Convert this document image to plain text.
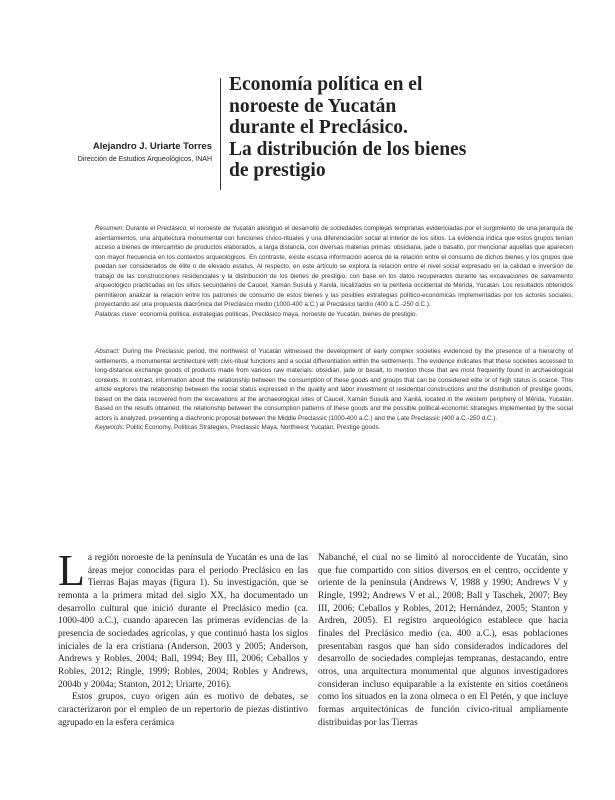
Alejandro J. Uriarte Torres
Dirección de Estudios Arqueológicos, INAH
Economía política en el
noroeste de Yucatán
durante el Preclásico.
La distribución de los bienes
de prestigio

Resumen: Durante el Preclásico, el noroeste de Yucatán atestiguó el desarrollo de sociedades complejas tempranas evidenciadas por el surgimiento de una jerarquía de asentamientos, una arquitectura monumental con funciones cívico-rituales y una diferenciación social al interior de los sitios. La evidencia indica que estos grupos tenían acceso a bienes de intercambio de productos elaborados, a larga distancia, con diversas materias primas: obsidiana, jade o basalto, por mencionar aquellas que aparecen con mayor frecuencia en los contextos arqueológicos. En contraste, existe escasa información acerca de la relación entre el consumo de dichos bienes y los grupos que puedan ser considerados de élite o de elevado estatus. Al respecto, en este artículo se explora la relación entre el nivel social expresado en la calidad e inversión de trabajo de las construcciones residenciales y la distribución de los bienes de prestigio, con base en los datos recuperados durante las excavaciones de salvamento arqueológico practicadas en los sitios secundarios de Caucel, Xamán Susulá y Xanilá, localizados en la periferia occidental de Mérida, Yucatán. Los resultados obtenidos permitieron analizar la relación entre los patrones de consumo de estos bienes y las posibles estrategias político-económicas implementadas por los actores sociales, proyectando así una propuesta diacrónica del Preclásico medio (1000-400 a.C.) al Preclásico tardío (400 a.C.-250 d.C.).

Palabras clave: economía política, estrategias políticas, Preclásico maya, noroeste de Yucatán, bienes de prestigio.

Abstract: During the Preclassic period, the northwest of Yucatán witnessed the development of early complex societies evidenced by the presence of a hierarchy of settlements, a monumental architecture with civic-ritual functions and a social differentiation within the settlements. The evidence indicates that these societies accessed to long-distance exchange goods of products made from various raw materials: obsidian, jade or basalt, to mention those that are most frequently found in archaeological contexts. In contrast, information about the relationship between the consumption of these goods and groups that can be considered elite or of high status is scarce. This article explores the relationship between the social status expressed in the quality and labor investment of residential constructions and the distribution of prestige goods, based on the data recovered from the excavations at the archaeological sites of Caucel, Xamán Susulá and Xanilá, located in the western periphery of Mérida, Yucatán. Based on the results obtained, the relationship between the consumption patterns of these goods and the possible political-economic strategies implemented by the social actors is analyzed, presenting a diachronic proposal between the Middle Preclassic (1000-400 a.C.) and the Late Preclassic (400 a.C.-250 d.C.).

Keywords: Politic Economy, Politicas Strategies, Preclassic Maya, Northwest Yucatan, Prestige goods.

La región noroeste de la península de Yucatán es una de las áreas mejor conocidas para el periodo Preclásico en las Tierras Bajas mayas (figura 1). Su investigación, que se remonta a la primera mitad del siglo XX, ha documentado un desarrollo cultural que inició durante el Preclásico medio (ca. 1000-400 a.C.), cuando aparecen las primeras evidencias de la presencia de sociedades agrícolas, y que continuó hasta los siglos iniciales de la era cristiana (Anderson, 2003 y 2005; Anderson, Andrews y Robles, 2004; Ball, 1994; Bey III, 2006; Ceballos y Robles, 2012; Ringle, 1999; Robles, 2004; Robles y Andrews, 2004b y 2004a; Stanton, 2012; Uriarte, 2016).

Estos grupos, cuyo origen aún es motivo de debates, se caracterizaron por el empleo de un repertorio de piezas distintivo agrupado en la esfera cerámica

Nabanché, el cual no se limitó al noroccidente de Yucatán, sino que fue compartido con sitios diversos en el centro, occidente y oriente de la península (Andrews V, 1988 y 1990; Andrews V y Ringle, 1992; Andrews V et al., 2008; Ball y Taschek, 2007; Bey III, 2006; Ceballos y Robles, 2012; Hernández, 2005; Stanton y Ardren, 2005). El registro arqueológico establece que hacia finales del Preclásico medio (ca. 400 a.C.), esas poblaciones presentaban rasgos que han sido considerados indicadores del desarrollo de sociedades complejas tempranas, destacando, entre otros, una arquitectura monumental que algunos investigadores consideran incluso equiparable a la existente en sitios coetáneos como los situados en la zona olmeca o en El Petén, y que incluye formas arquitectónicas de función cívico-ritual ampliamente distribuidas por las Tierras
